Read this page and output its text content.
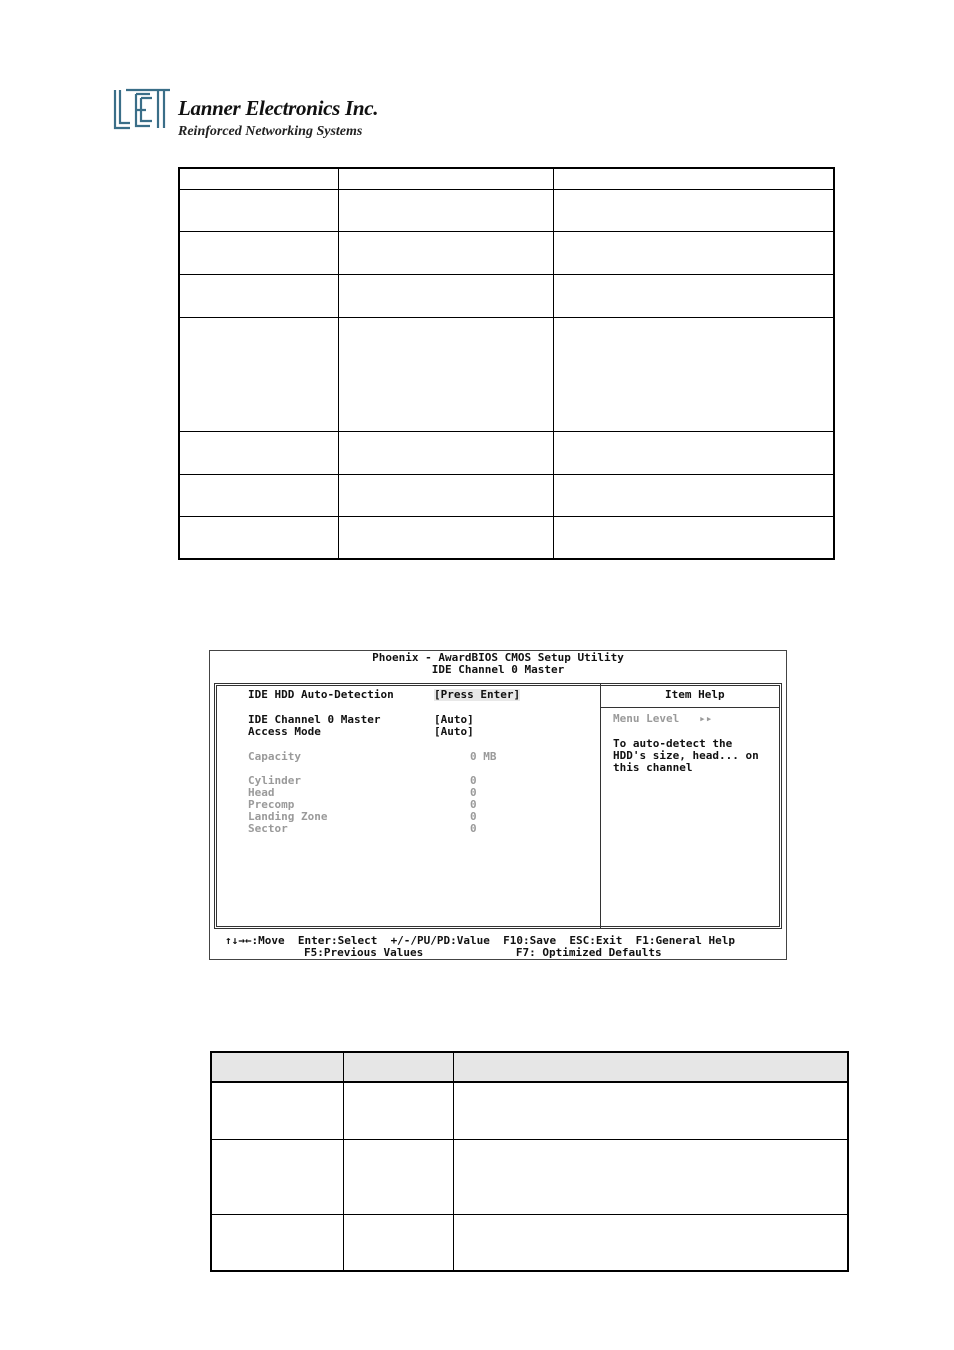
Lanner Electronics Inc.
Reinforced Networking Systems

Phoenix - AwardBIOS CMOS Setup Utility
IDE Channel 0 Master
IDE HDD Auto-Detection	[Press Enter]
IDE Channel 0 Master	[Auto]
Access Mode	[Auto]
Capacity	0 MB
Cylinder	0
Head	0
Precomp	0
Landing Zone	0
Sector	0
Item Help
Menu Level   ▸▸
To auto-detect the
HDD's size, head... on
this channel
↑↓→←:Move  Enter:Select  +/-/PU/PD:Value  F10:Save  ESC:Exit  F1:General Help
F5:Previous Values              F7: Optimized Defaults
